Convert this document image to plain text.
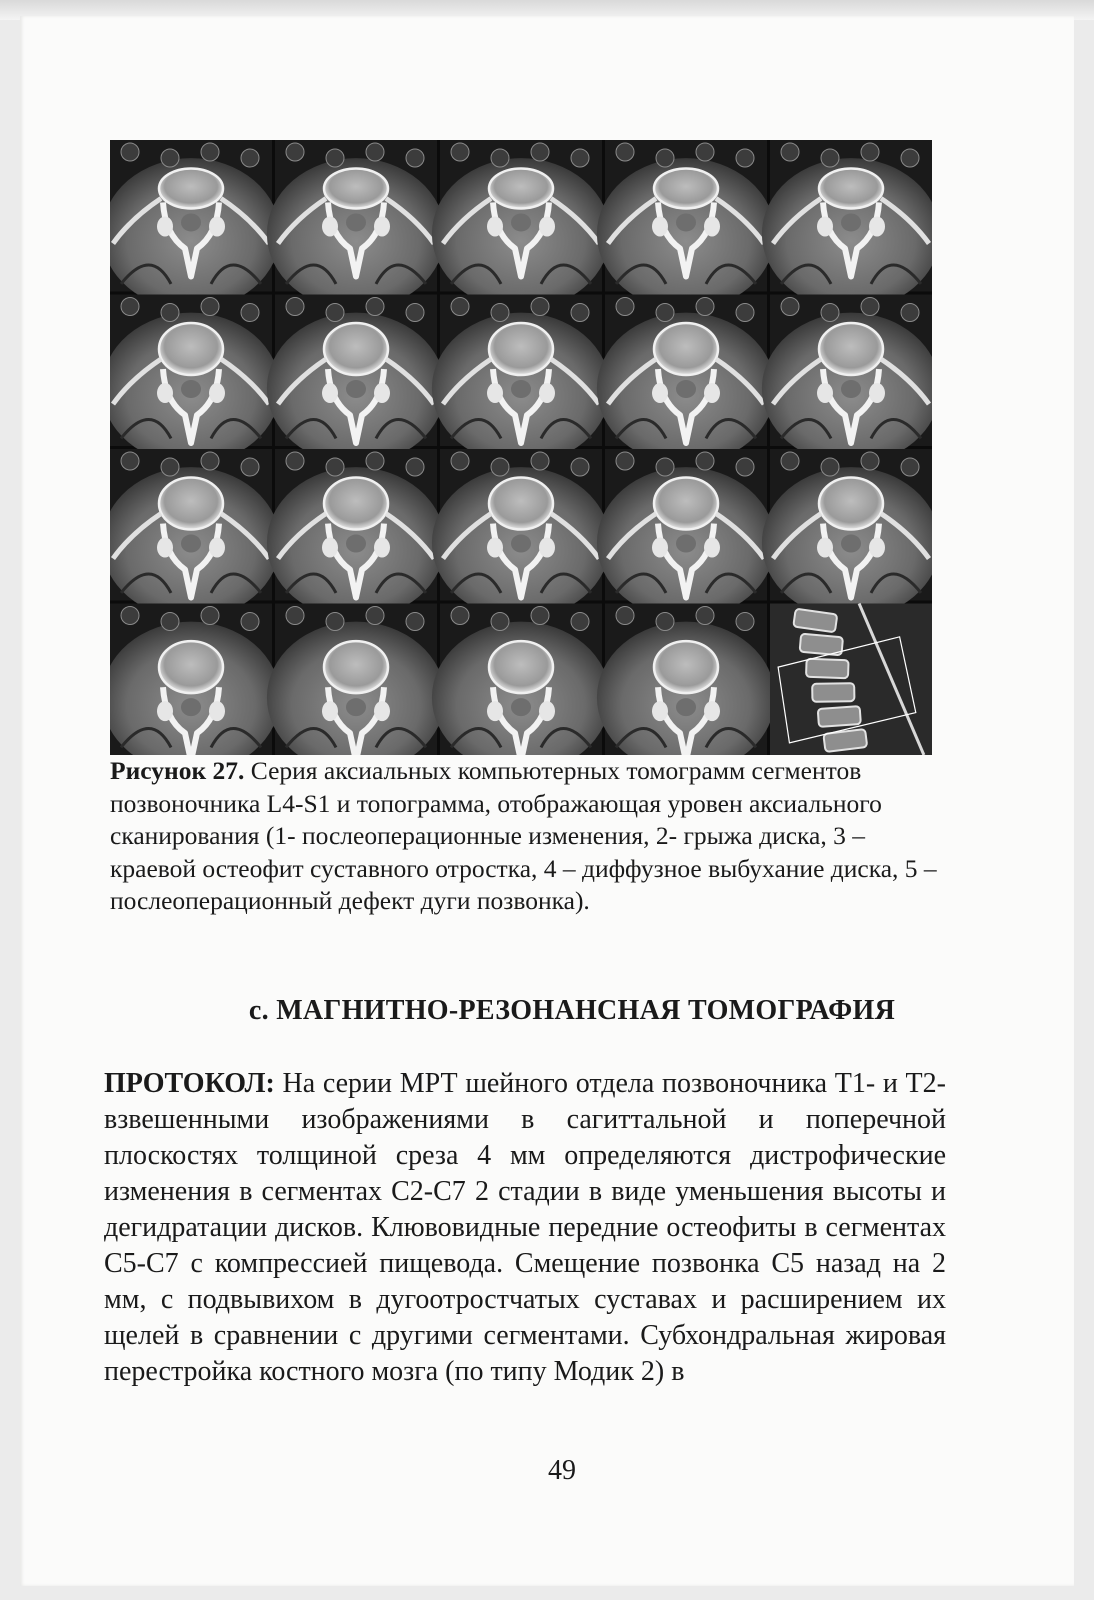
Рисунок 27. Серия аксиальных компьютерных томограмм сегментов позвоночника L4-S1 и топограмма, отображающая уровен аксиального сканирования (1- послеоперационные изменения, 2- грыжа диска, 3 – краевой остеофит суставного отростка, 4 – диффузное выбухание диска, 5 – послеоперационный дефект дуги позвонка).
с. МАГНИТНО-РЕЗОНАНСНАЯ ТОМОГРАФИЯ
ПРОТОКОЛ: На серии МРТ шейного отдела позвоночника Т1- и Т2-взвешенными изображениями в сагиттальной и поперечной плоскостях толщиной среза 4 мм определяются дистрофические изменения в сегментах С2-С7 2 стадии в виде уменьшения высоты и дегидратации дисков. Клювовидные передние остеофиты в сегментах С5-С7 с компрессией пищевода. Смещение позвонка С5 назад на 2 мм, с подвывихом в дугоотростчатых суставах и расширением их щелей в сравнении с другими сегментами. Субхондральная жировая перестройка костного мозга (по типу Модик 2) в
49
